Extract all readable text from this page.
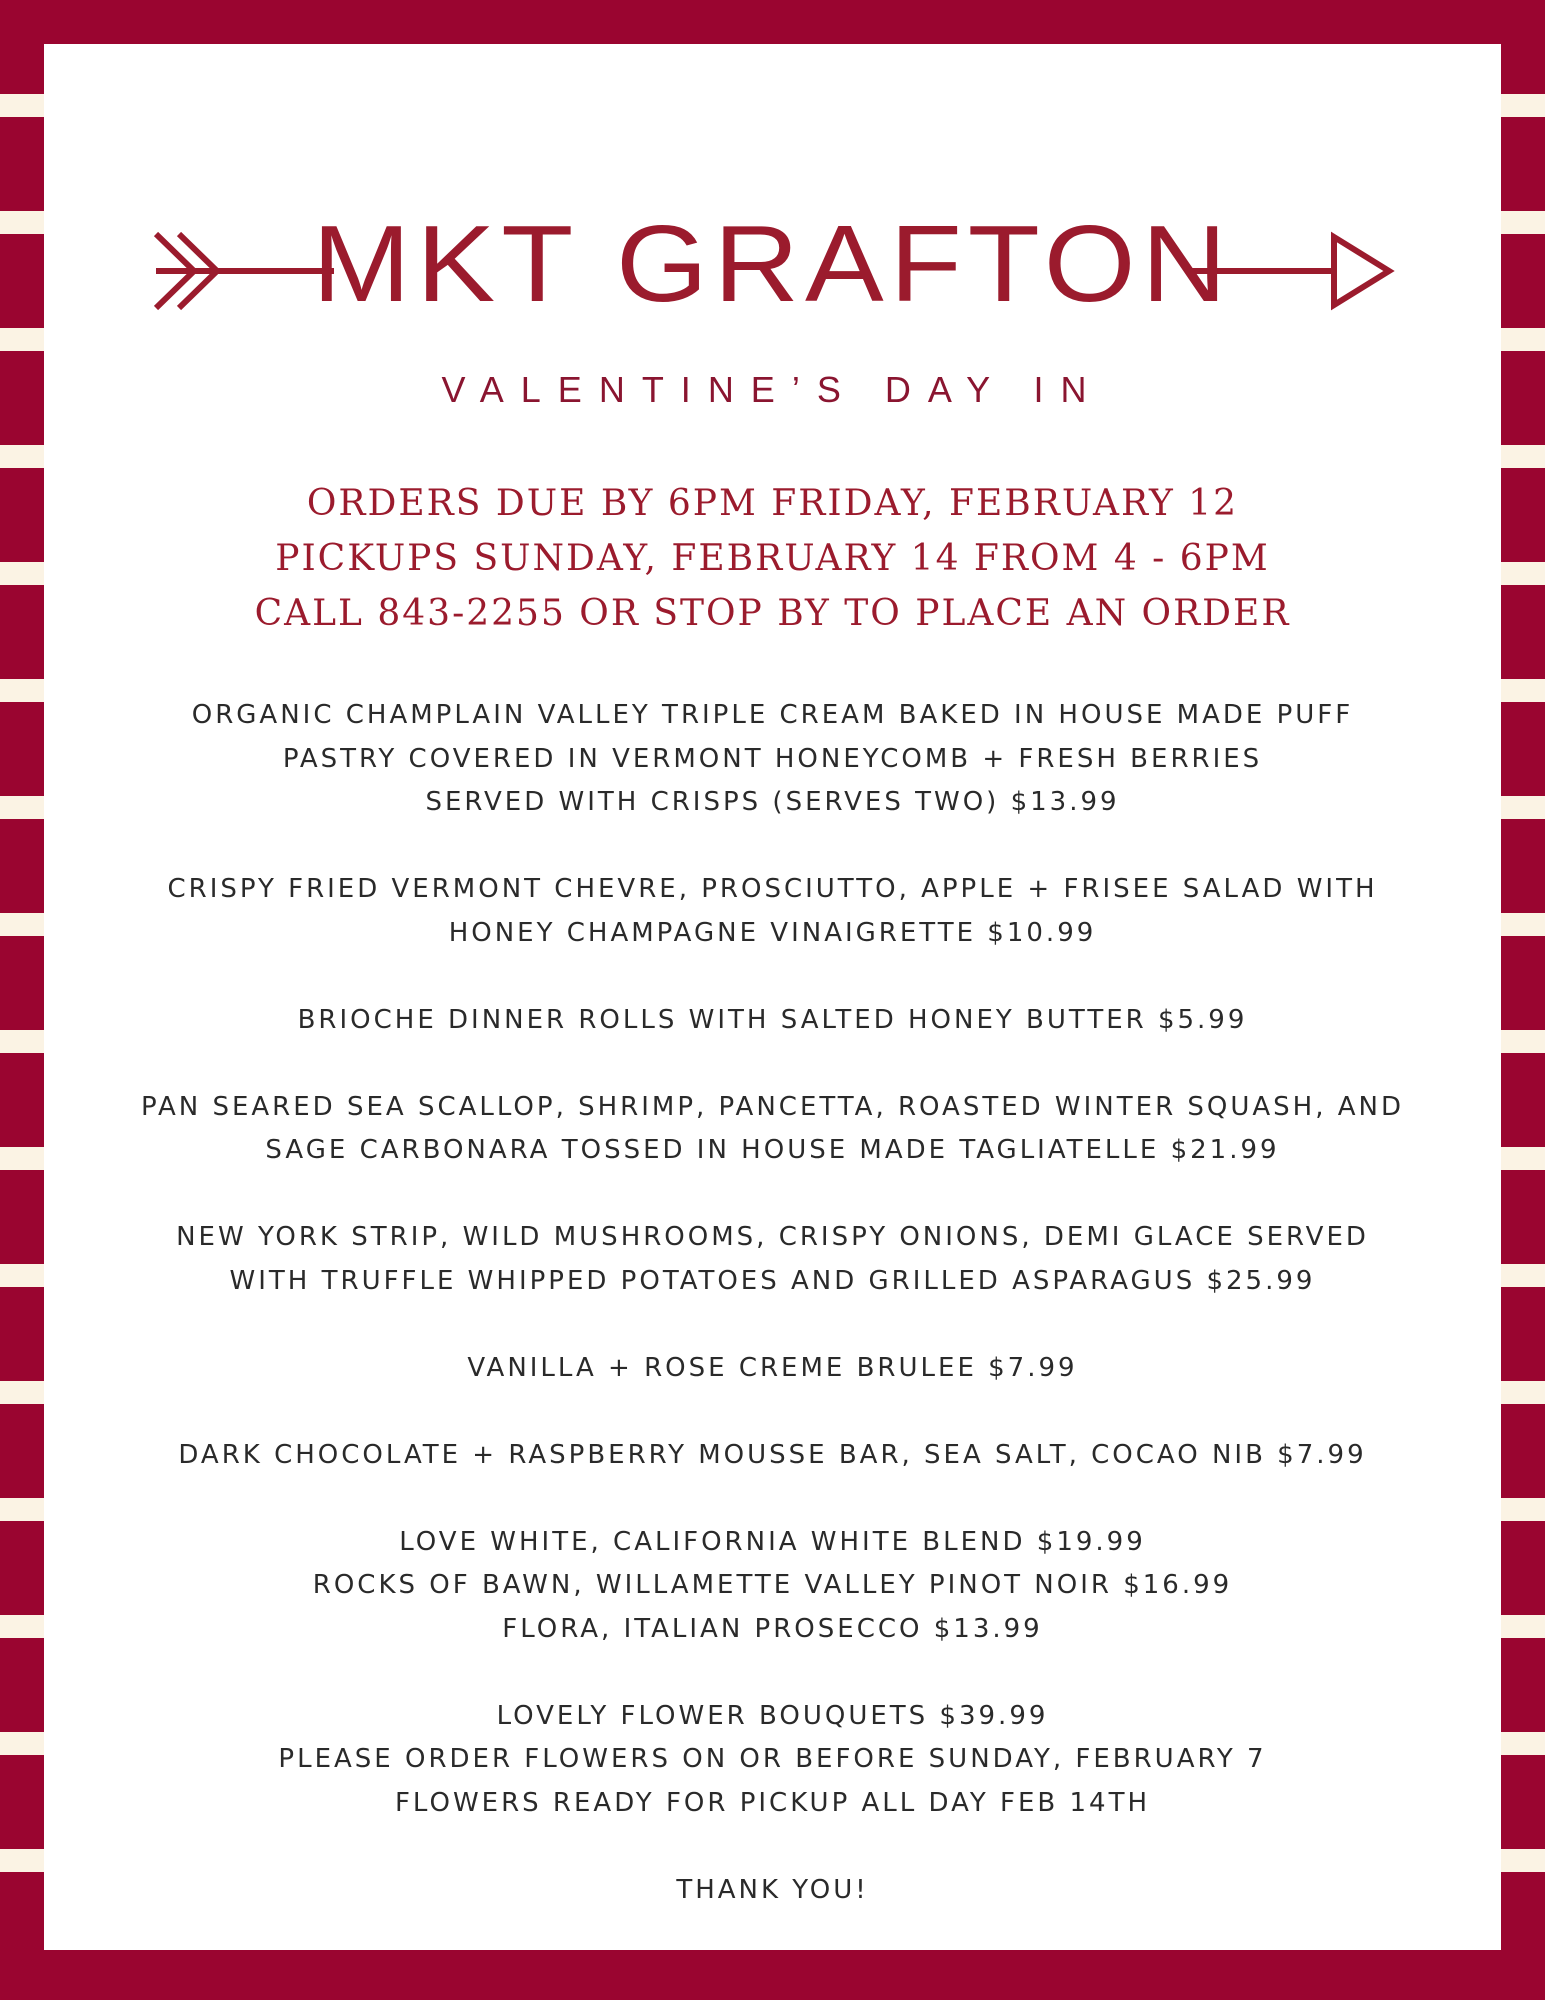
MKT GRAFTON
VALENTINE’S DAY IN
ORDERS DUE BY 6PM FRIDAY, FEBRUARY 12
PICKUPS SUNDAY, FEBRUARY 14 FROM 4 - 6PM
CALL 843-2255 OR STOP BY TO PLACE AN ORDER
ORGANIC CHAMPLAIN VALLEY TRIPLE CREAM BAKED IN HOUSE MADE PUFF
PASTRY COVERED IN VERMONT HONEYCOMB + FRESH BERRIES
SERVED WITH CRISPS (SERVES TWO) $13.99
CRISPY FRIED VERMONT CHEVRE, PROSCIUTTO, APPLE + FRISEE SALAD WITH
HONEY CHAMPAGNE VINAIGRETTE $10.99
BRIOCHE DINNER ROLLS WITH SALTED HONEY BUTTER $5.99
PAN SEARED SEA SCALLOP, SHRIMP, PANCETTA, ROASTED WINTER SQUASH, AND
SAGE CARBONARA TOSSED IN HOUSE MADE TAGLIATELLE $21.99
NEW YORK STRIP, WILD MUSHROOMS, CRISPY ONIONS, DEMI GLACE SERVED
WITH TRUFFLE WHIPPED POTATOES AND GRILLED ASPARAGUS $25.99
VANILLA + ROSE CREME BRULEE $7.99
DARK CHOCOLATE + RASPBERRY MOUSSE BAR, SEA SALT, COCAO NIB $7.99
LOVE WHITE, CALIFORNIA WHITE BLEND $19.99
ROCKS OF BAWN, WILLAMETTE VALLEY PINOT NOIR $16.99
FLORA, ITALIAN PROSECCO $13.99
LOVELY FLOWER BOUQUETS $39.99
PLEASE ORDER FLOWERS ON OR BEFORE SUNDAY, FEBRUARY 7
FLOWERS READY FOR PICKUP ALL DAY FEB 14TH
THANK YOU!
